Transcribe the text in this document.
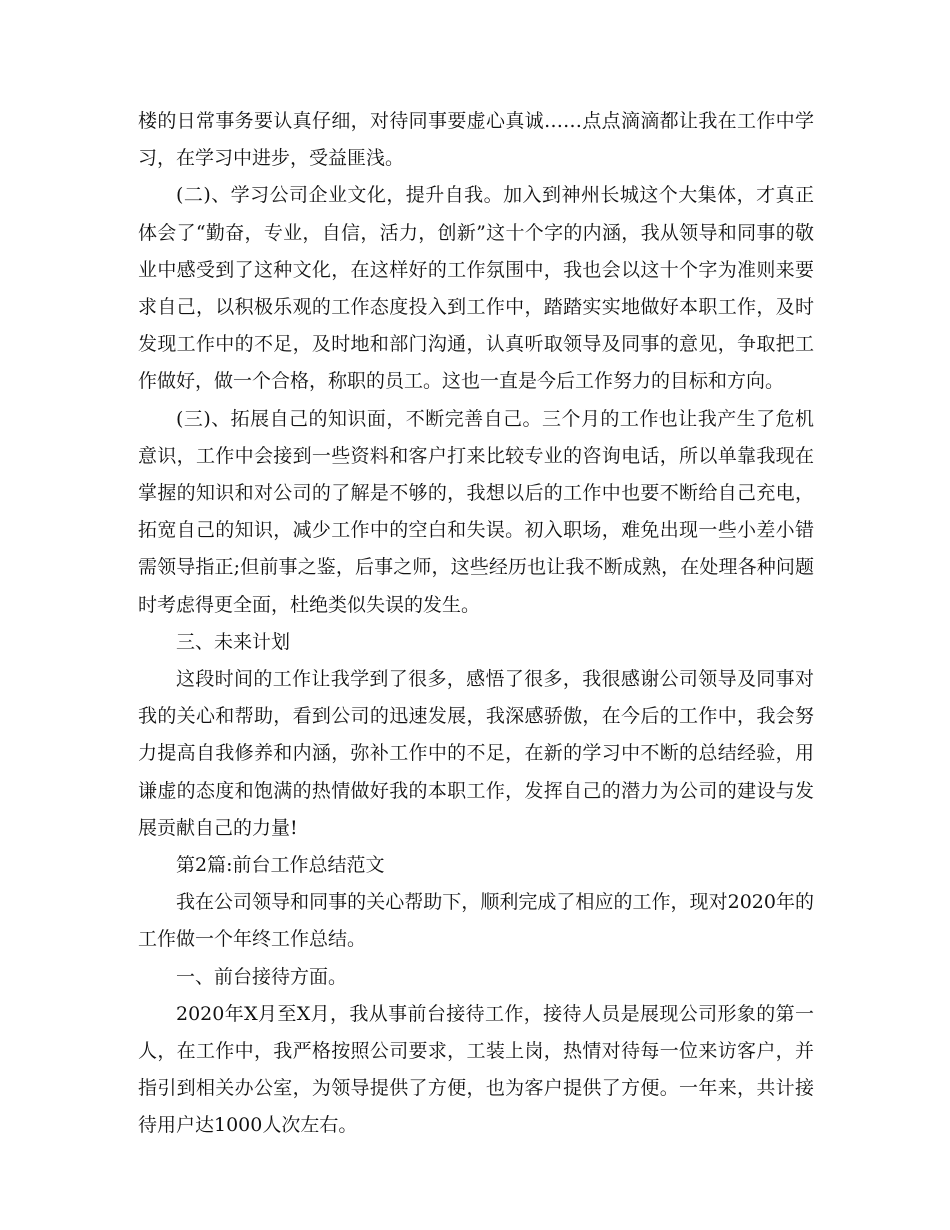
楼的日常事务要认真仔细，对待同事要虚心真诚……点点滴滴都让我在工作中学习，在学习中进步，受益匪浅。

(二)、学习公司企业文化，提升自我。加入到神州长城这个大集体，才真正体会了“勤奋，专业，自信，活力，创新”这十个字的内涵，我从领导和同事的敬业中感受到了这种文化，在这样好的工作氛围中，我也会以这十个字为准则来要求自己，以积极乐观的工作态度投入到工作中，踏踏实实地做好本职工作，及时发现工作中的不足，及时地和部门沟通，认真听取领导及同事的意见，争取把工作做好，做一个合格，称职的员工。这也一直是今后工作努力的目标和方向。

(三)、拓展自己的知识面，不断完善自己。三个月的工作也让我产生了危机意识，工作中会接到一些资料和客户打来比较专业的咨询电话，所以单靠我现在掌握的知识和对公司的了解是不够的，我想以后的工作中也要不断给自己充电，拓宽自己的知识，减少工作中的空白和失误。初入职场，难免出现一些小差小错需领导指正;但前事之鉴，后事之师，这些经历也让我不断成熟，在处理各种问题时考虑得更全面，杜绝类似失误的发生。

三、未来计划

这段时间的工作让我学到了很多，感悟了很多，我很感谢公司领导及同事对我的关心和帮助，看到公司的迅速发展，我深感骄傲，在今后的工作中，我会努力提高自我修养和内涵，弥补工作中的不足，在新的学习中不断的总结经验，用谦虚的态度和饱满的热情做好我的本职工作，发挥自己的潜力为公司的建设与发展贡献自己的力量!

第2篇:前台工作总结范文

我在公司领导和同事的关心帮助下，顺利完成了相应的工作，现对2020年的工作做一个年终工作总结。

一、前台接待方面。

2020年X月至X月，我从事前台接待工作，接待人员是展现公司形象的第一人，在工作中，我严格按照公司要求，工装上岗，热情对待每一位来访客户，并指引到相关办公室，为领导提供了方便，也为客户提供了方便。一年来，共计接待用户达1000人次左右。
